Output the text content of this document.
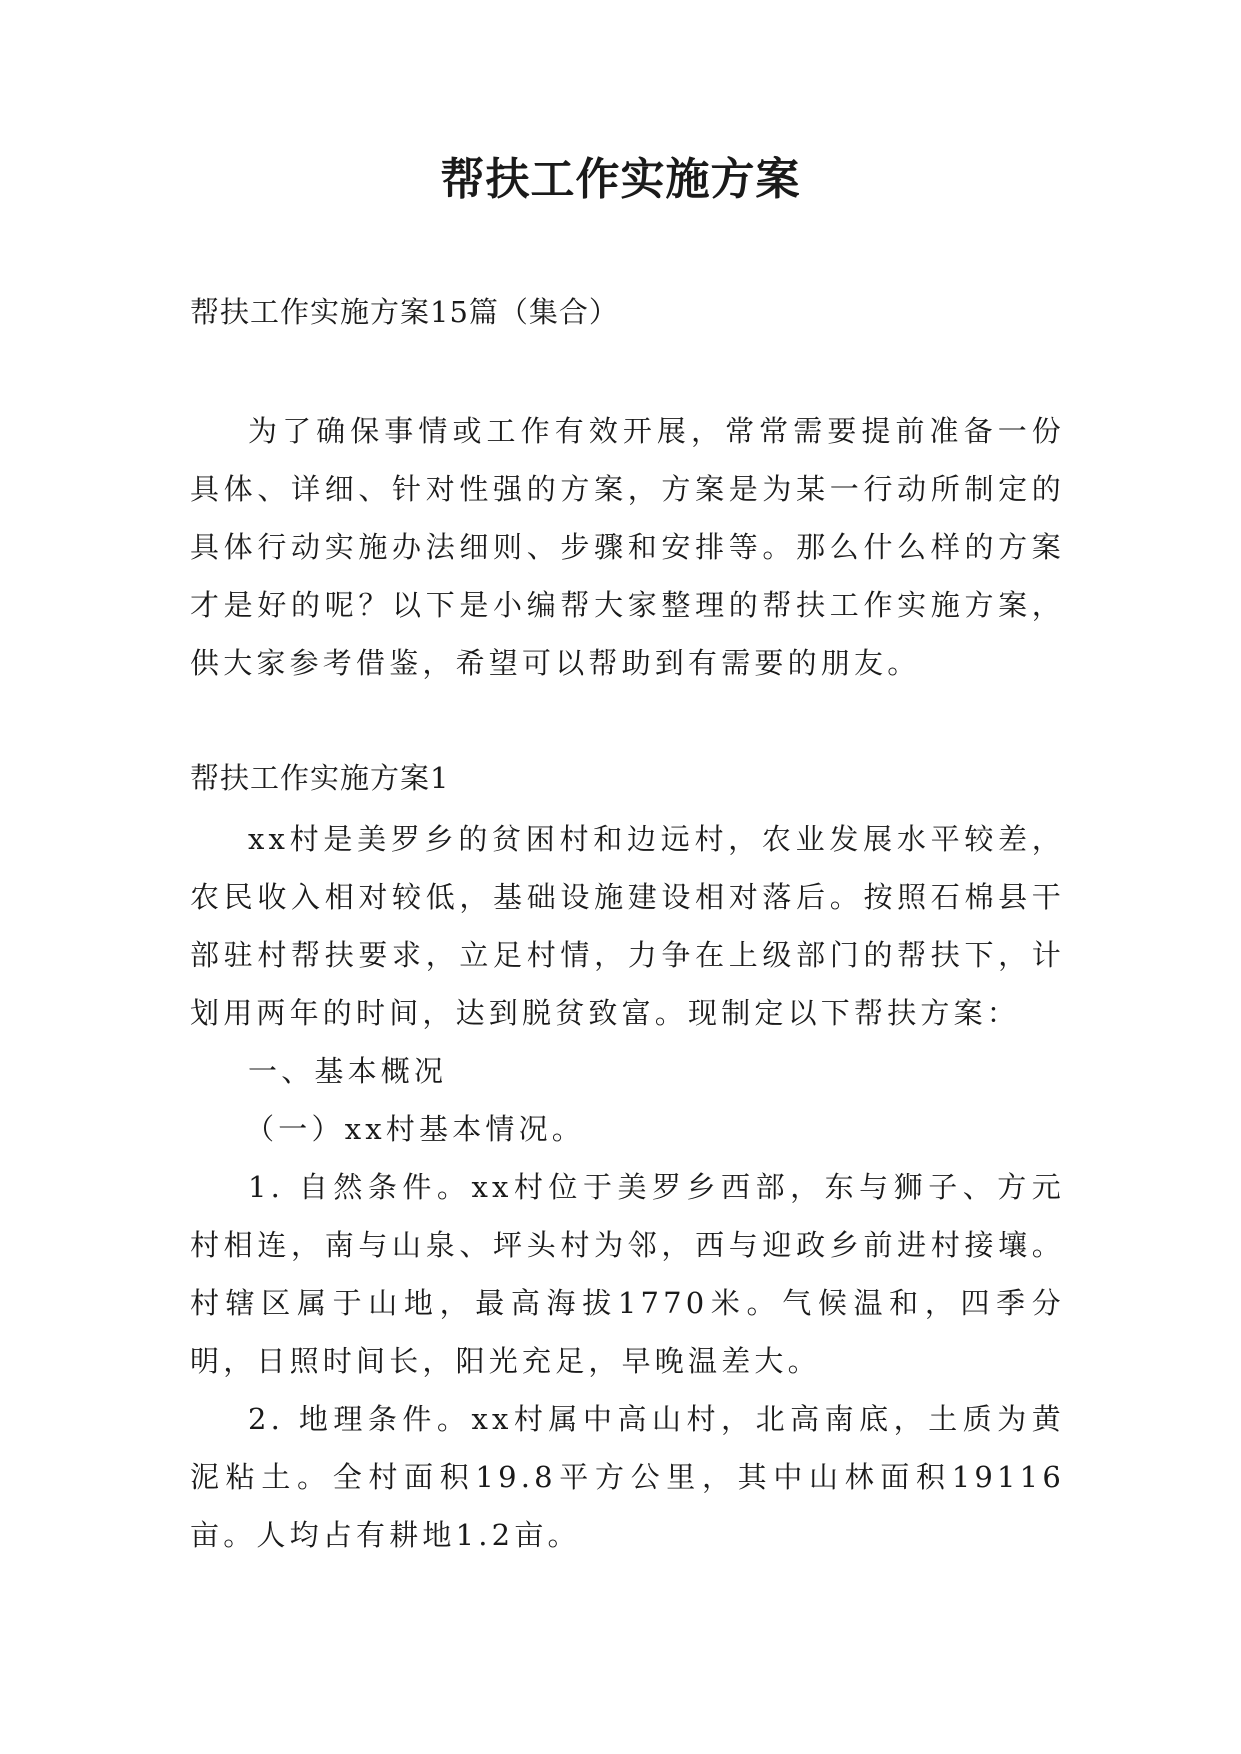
帮扶工作实施方案
帮扶工作实施方案15篇（集合）

为了确保事情或工作有效开展，常常需要提前准备一份具体、详细、针对性强的方案，方案是为某一行动所制定的具体行动实施办法细则、步骤和安排等。那么什么样的方案才是好的呢？以下是小编帮大家整理的帮扶工作实施方案，供大家参考借鉴，希望可以帮助到有需要的朋友。

帮扶工作实施方案1

xx村是美罗乡的贫困村和边远村，农业发展水平较差，农民收入相对较低，基础设施建设相对落后。按照石棉县干部驻村帮扶要求，立足村情，力争在上级部门的帮扶下，计划用两年的时间，达到脱贫致富。现制定以下帮扶方案：

一、基本概况

（一）xx村基本情况。

1. 自然条件。xx村位于美罗乡西部，东与狮子、方元村相连，南与山泉、坪头村为邻，西与迎政乡前进村接壤。村辖区属于山地，最高海拔1770米。气候温和，四季分明，日照时间长，阳光充足，早晚温差大。

2. 地理条件。xx村属中高山村，北高南底，土质为黄泥粘土。全村面积19.8平方公里，其中山林面积19116亩。人均占有耕地1.2亩。
